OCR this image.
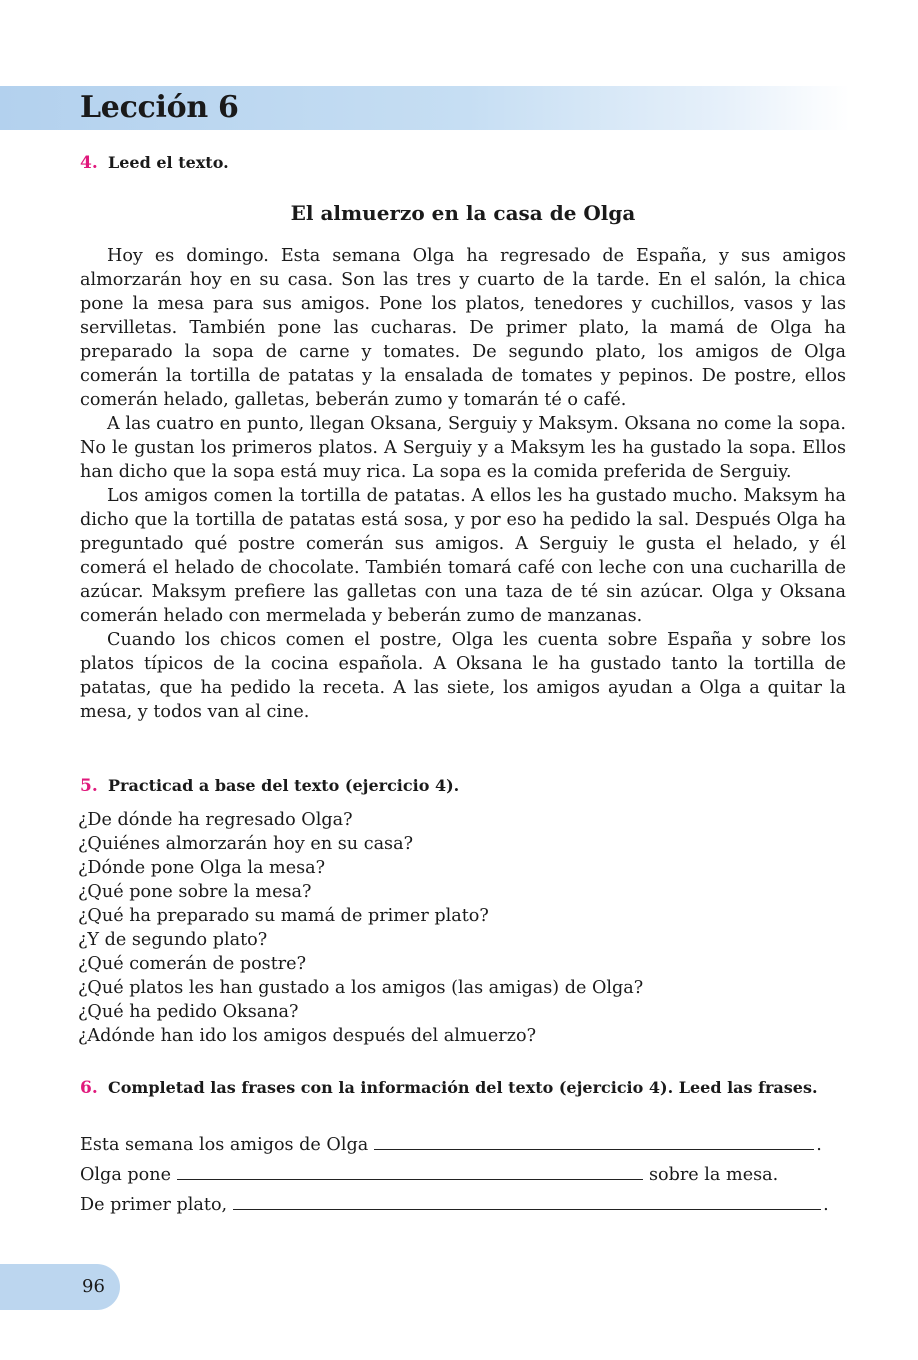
Lección 6
4. Leed el texto.
El almuerzo en la casa de Olga

Hoy es domingo. Esta semana Olga ha regresado de España, y sus amigos almorzarán hoy en su casa. Son las tres y cuarto de la tarde. En el salón, la chica pone la mesa para sus amigos. Pone los platos, tenedores y cuchillos, vasos y las servilletas. También pone las cucharas. De primer plato, la mamá de Olga ha preparado la sopa de carne y tomates. De segundo plato, los amigos de Olga comerán la tortilla de patatas y la ensalada de tomates y pepinos. De postre, ellos comerán helado, galletas, beberán zumo y tomarán té o café.

A las cuatro en punto, llegan Oksana, Serguiy y Maksym. Oksana no come la sopa. No le gustan los primeros platos. A Serguiy y a Maksym les ha gustado la sopa. Ellos han dicho que la sopa está muy rica. La sopa es la comida preferida de Serguiy.

Los amigos comen la tortilla de patatas. A ellos les ha gustado mucho. Maksym ha dicho que la tortilla de patatas está sosa, y por eso ha pedido la sal. Después Olga ha preguntado qué postre comerán sus amigos. A Serguiy le gusta el helado, y él comerá el helado de chocolate. También tomará café con leche con una cucharilla de azúcar. Maksym prefiere las galletas con una taza de té sin azúcar. Olga y Oksana comerán helado con mermelada y beberán zumo de manzanas.

Cuando los chicos comen el postre, Olga les cuenta sobre España y sobre los platos típicos de la cocina española. A Oksana le ha gustado tanto la tortilla de patatas, que ha pedido la receta. A las siete, los amigos ayudan a Olga a quitar la mesa, y todos van al cine.

5. Practicad a base del texto (ejercicio 4).
¿De dónde ha regresado Olga?
¿Quiénes almorzarán hoy en su casa?
¿Dónde pone Olga la mesa?
¿Qué pone sobre la mesa?
¿Qué ha preparado su mamá de primer plato?
¿Y de segundo plato?
¿Qué comerán de postre?
¿Qué platos les han gustado a los amigos (las amigas) de Olga?
¿Qué ha pedido Oksana?
¿Adónde han ido los amigos después del almuerzo?
6. Completad las frases con la información del texto (ejercicio 4). Leed las frases.
Esta semana los amigos de Olga	.
Olga pone	sobre la mesa.
De primer plato,	.
96
